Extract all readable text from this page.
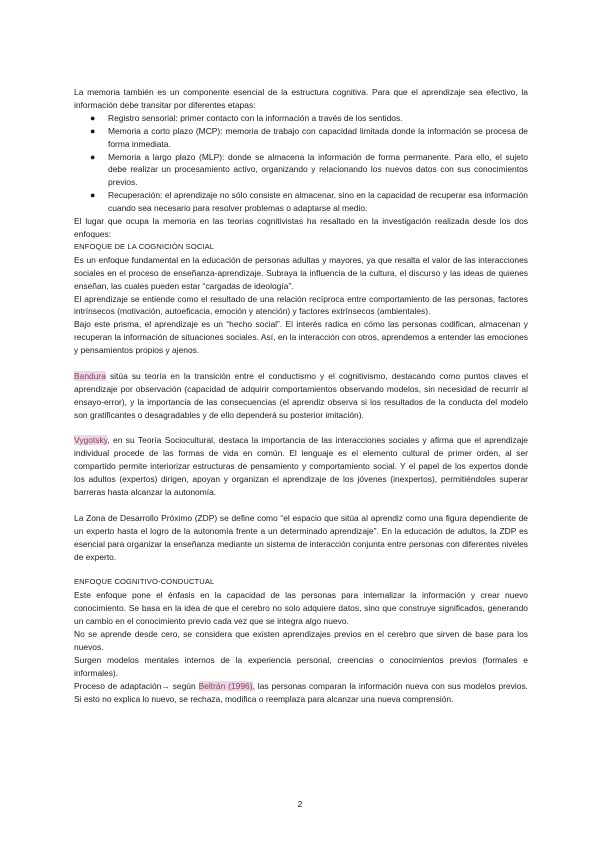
La memoria también es un componente esencial de la estructura cognitiva. Para que el aprendizaje sea efectivo, la información debe transitar por diferentes etapas:

● Registro sensorial: primer contacto con la información a través de los sentidos.
● Memoria a corto plazo (MCP): memoria de trabajo con capacidad limitada donde la información se procesa de forma inmediata.
● Memoria a largo plazo (MLP): donde se almacena la información de forma permanente. Para ello, el sujeto debe realizar un procesamiento activo, organizando y relacionando los nuevos datos con sus conocimientos previos.
● Recuperación: el aprendizaje no sólo consiste en almacenar, sino en la capacidad de recuperar esa información cuando sea necesario para resolver problemas o adaptarse al medio.

El lugar que ocupa la memoria en las teorías cognitivistas ha resaltado en la investigación realizada desde los dos enfoques:

ENFOQUE DE LA COGNICIÓN SOCIAL

Es un enfoque fundamental en la educación de personas adultas y mayores, ya que resalta el valor de las interacciones sociales en el proceso de enseñanza-aprendizaje. Subraya la influencia de la cultura, el discurso y las ideas de quienes enseñan, las cuales pueden estar “cargadas de ideología”.

El aprendizaje se entiende como el resultado de una relación recíproca entre comportamiento de las personas, factores intrínsecos (motivación, autoeficacia, emoción y atención) y factores extrínsecos (ambientales).

Bajo este prisma, el aprendizaje es un “hecho social”. El interés radica en cómo las personas codifican, almacenan y recuperan la información de situaciones sociales. Así, en la interacción con otros, aprendemos a entender las emociones y pensamientos propios y ajenos.

Bandura sitúa su teoría en la transición entre el conductismo y el cognitivismo, destacando como puntos claves el aprendizaje por observación (capacidad de adquirir comportamientos observando modelos, sin necesidad de recurrir al ensayo-error), y la importancia de las consecuencias (el aprendiz observa si los resultados de la conducta del modelo son gratificantes o desagradables y de ello dependerá su posterior imitación).

Vygotsky, en su Teoría Sociocultural, destaca la importancia de las interacciones sociales y afirma que el aprendizaje individual procede de las formas de vida en común. El lenguaje es el elemento cultural de primer orden, al ser compartido permite interiorizar estructuras de pensamiento y comportamiento social. Y el papel de los expertos donde los adultos (expertos) dirigen, apoyan y organizan el aprendizaje de los jóvenes (inexpertos), permitiéndoles superar barreras hasta alcanzar la autonomía.

La Zona de Desarrollo Próximo (ZDP) se define como “el espacio que sitúa al aprendiz como una figura dependiente de un experto hasta el logro de la autonomía frente a un determinado aprendizaje”. En la educación de adultos, la ZDP es esencial para organizar la enseñanza mediante un sistema de interacción conjunta entre personas con diferentes niveles de experto.

ENFOQUE COGNITIVO-CONDUCTUAL

Este enfoque pone el énfasis en la capacidad de las personas para internalizar la información y crear nuevo conocimiento. Se basa en la idea de que el cerebro no solo adquiere datos, sino que construye significados, generando un cambio en el conocimiento previo cada vez que se integra algo nuevo.

No se aprende desde cero, se considera que existen aprendizajes previos en el cerebro que sirven de base para los nuevos.

Surgen modelos mentales internos de la experiencia personal, creencias o conocimientos previos (formales e informales).

Proceso de adaptación→ según Beltrán (1996), las personas comparan la información nueva con sus modelos previos. Si esto no explica lo nuevo, se rechaza, modifica o reemplaza para alcanzar una nueva comprensión.

2
